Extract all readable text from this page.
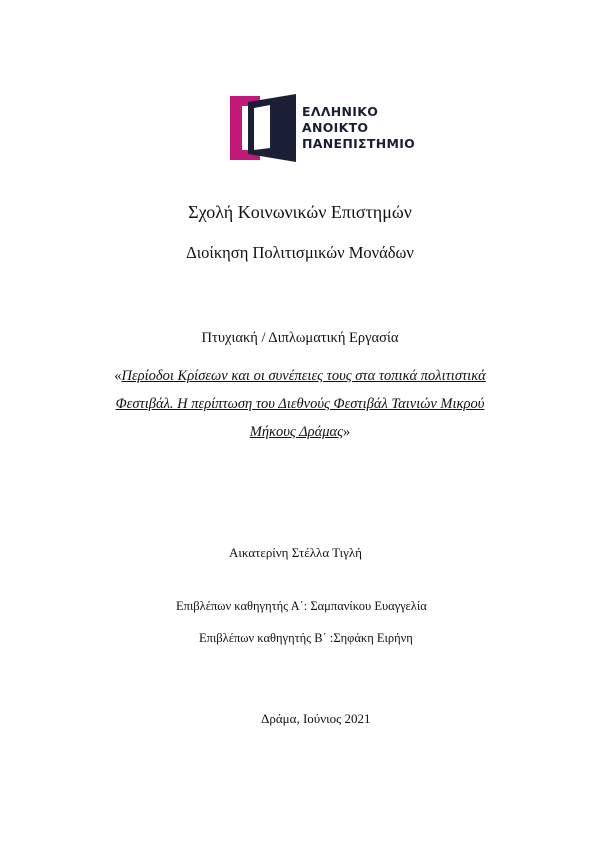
ΕΛΛΗΝΙΚΟ
ΑΝΟΙΚΤΟ
ΠΑΝΕΠΙΣΤΗΜΙΟ
Σχολή Κοινωνικών Επιστημών
Διοίκηση Πολιτισμικών Μονάδων
Πτυχιακή / Διπλωματική Εργασία
«Περίοδοι Κρίσεων και οι συνέπειες τους στα τοπικά πολιτιστικά
Φεστιβάλ. Η περίπτωση του Διεθνούς Φεστιβάλ Ταινιών Μικρού
Μήκους Δράμας»
Αικατερίνη Στέλλα Τιγλή
Επιβλέπων καθηγητής Α΄: Σαμπανίκου Ευαγγελία
Επιβλέπων καθηγητής Β΄ :Σηφάκη Ειρήνη
Δράμα, Ιούνιος 2021
